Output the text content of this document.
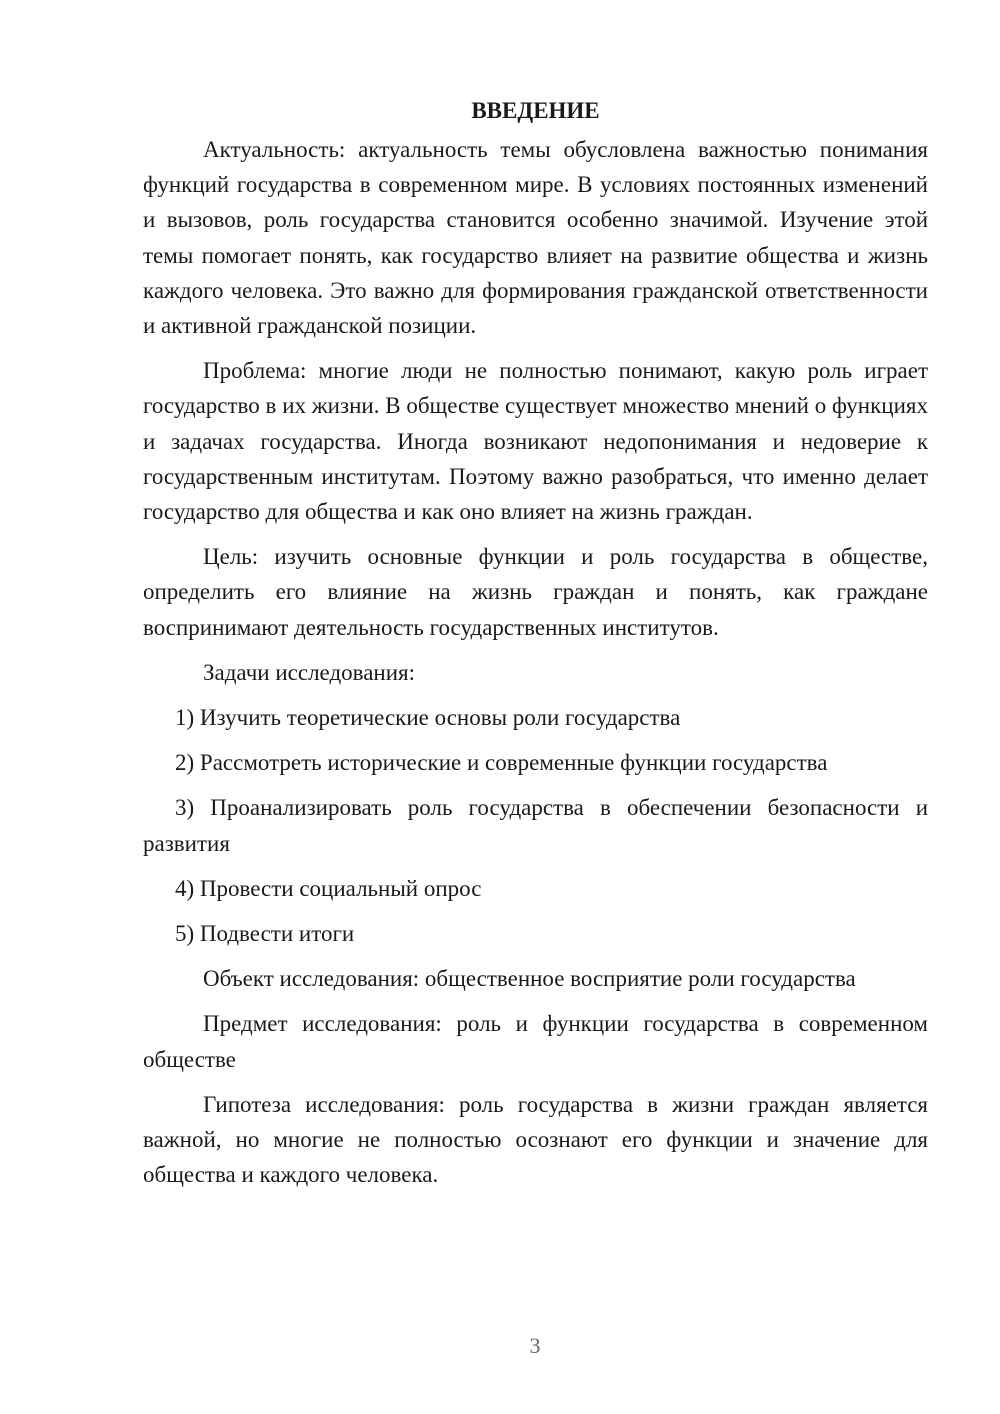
ВВЕДЕНИЕ

Актуальность: актуальность темы обусловлена важностью понимания функций государства в современном мире. В условиях постоянных изменений и вызовов, роль государства становится особенно значимой. Изучение этой темы помогает понять, как государство влияет на развитие общества и жизнь каждого человека. Это важно для формирования гражданской ответственности и активной гражданской позиции.

Проблема: многие люди не полностью понимают, какую роль играет государство в их жизни. В обществе существует множество мнений о функциях и задачах государства. Иногда возникают недопонимания и недоверие к государственным институтам. Поэтому важно разобраться, что именно делает государство для общества и как оно влияет на жизнь граждан.

Цель: изучить основные функции и роль государства в обществе, определить его влияние на жизнь граждан и понять, как граждане воспринимают деятельность государственных институтов.

Задачи исследования:

1) Изучить теоретические основы роли государства

2) Рассмотреть исторические и современные функции государства

3) Проанализировать роль государства в обеспечении безопасности и развития

4) Провести социальный опрос

5) Подвести итоги

Объект исследования: общественное восприятие роли государства

Предмет исследования: роль и функции государства в современном обществе

Гипотеза исследования: роль государства в жизни граждан является важной, но многие не полностью осознают его функции и значение для общества и каждого человека.

3
